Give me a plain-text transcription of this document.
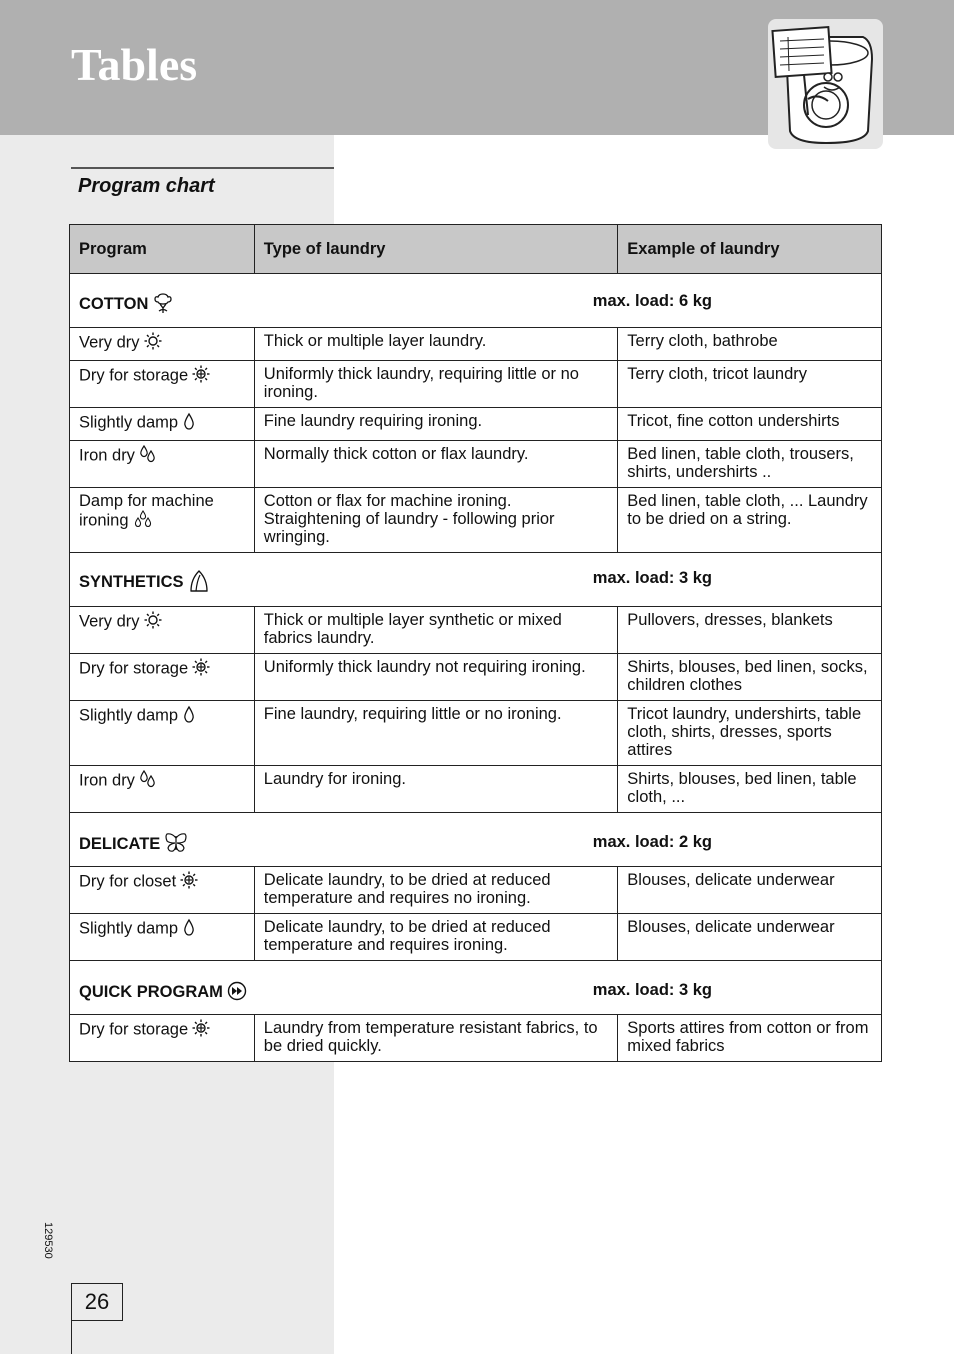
Tables
Program chart
Program	Type of laundry	Example of laundry
COTTON max. load: 6 kg		

Very dry	Thick or multiple layer laundry.	Terry cloth, bathrobe
Dry for storage	Uniformly thick laundry, requiring little or no ironing.	Terry cloth, tricot laundry
Slightly damp	Fine laundry requiring ironing.	Tricot, fine cotton undershirts
Iron dry	Normally thick cotton or flax laundry.	Bed linen, table cloth, trousers, shirts, undershirts ..
Damp for machine ironing	Cotton or flax for machine ironing. Straightening of laundry - following prior wringing.	Bed linen, table cloth, ... Laundry to be dried on a string.
SYNTHETICS max. load: 3 kg		

Very dry	Thick or multiple layer synthetic or mixed fabrics laundry.	Pullovers, dresses, blankets
Dry for storage	Uniformly thick laundry not requiring ironing.	Shirts, blouses, bed linen, socks, children clothes
Slightly damp	Fine laundry, requiring little or no ironing.	Tricot laundry, undershirts, table cloth, shirts, dresses, sports attires
Iron dry	Laundry for ironing.	Shirts, blouses, bed linen, table cloth, ...
DELICATE max. load: 2 kg		

Dry for closet	Delicate laundry, to be dried at reduced temperature and requires no ironing.	Blouses, delicate underwear
Slightly damp	Delicate laundry, to be dried at reduced temperature and requires ironing.	Blouses, delicate underwear
QUICK PROGRAM max. load: 3 kg		

Dry for storage	Laundry from temperature resistant fabrics, to be dried quickly.	Sports attires from cotton or from mixed fabrics
129530
26
